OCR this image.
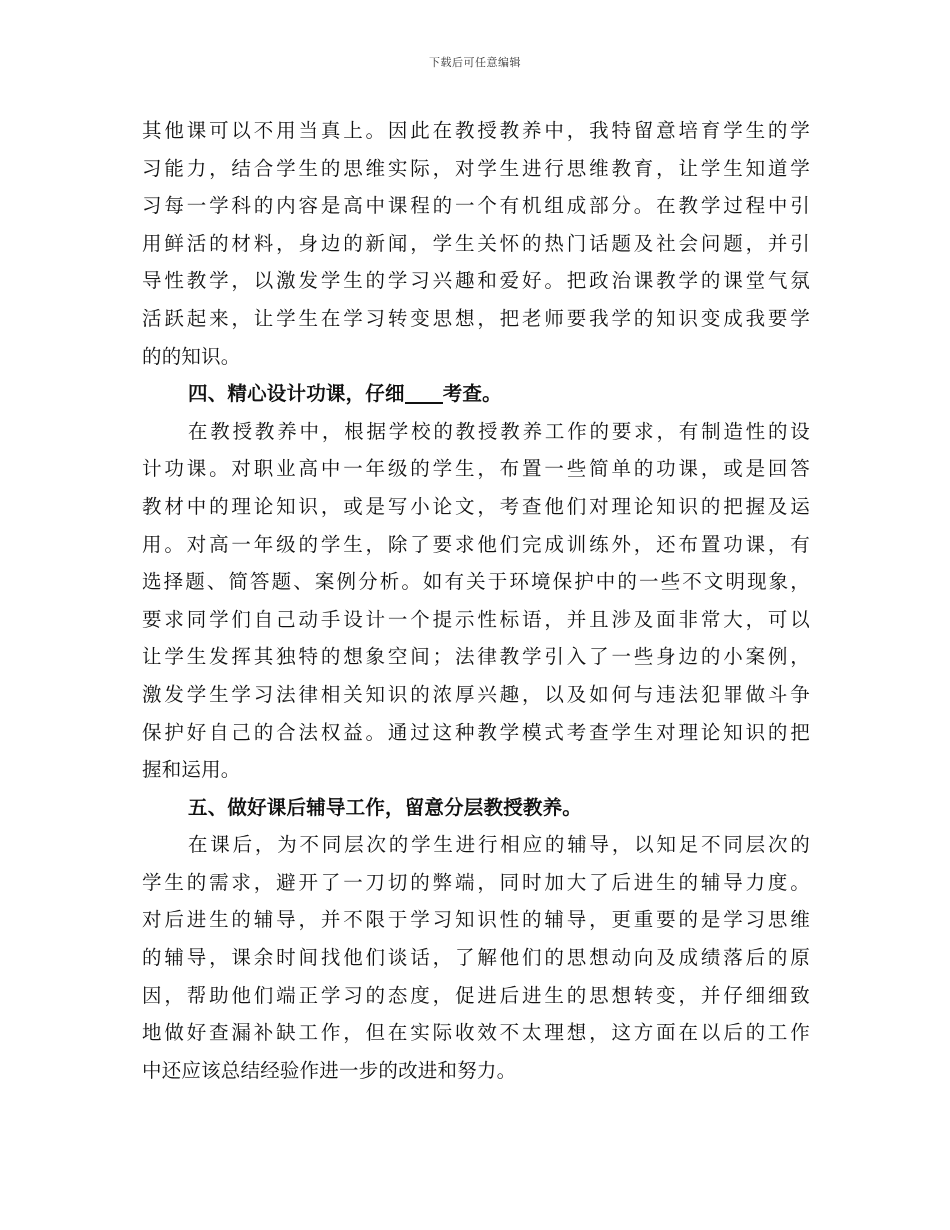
下载后可任意编辑
其他课可以不用当真上。因此在教授教养中，我特留意培育学生的学
习能力，结合学生的思维实际，对学生进行思维教育，让学生知道学
习每一学科的内容是高中课程的一个有机组成部分。在教学过程中引
用鲜活的材料，身边的新闻，学生关怀的热门话题及社会问题，并引
导性教学，以激发学生的学习兴趣和爱好。把政治课教学的课堂气氛
活跃起来，让学生在学习转变思想，把老师要我学的知识变成我要学
的的知识。
四、精心设计功课，仔细 考查。
在教授教养中，根据学校的教授教养工作的要求，有制造性的设
计功课。对职业高中一年级的学生，布置一些简单的功课，或是回答
教材中的理论知识，或是写小论文，考查他们对理论知识的把握及运
用。对高一年级的学生，除了要求他们完成训练外，还布置功课，有
选择题、简答题、案例分析。如有关于环境保护中的一些不文明现象，
要求同学们自己动手设计一个提示性标语，并且涉及面非常大，可以
让学生发挥其独特的想象空间；法律教学引入了一些身边的小案例，
激发学生学习法律相关知识的浓厚兴趣，以及如何与违法犯罪做斗争
保护好自己的合法权益。通过这种教学模式考查学生对理论知识的把
握和运用。
五、做好课后辅导工作，留意分层教授教养。
在课后，为不同层次的学生进行相应的辅导，以知足不同层次的
学生的需求，避开了一刀切的弊端，同时加大了后进生的辅导力度。
对后进生的辅导，并不限于学习知识性的辅导，更重要的是学习思维
的辅导，课余时间找他们谈话，了解他们的思想动向及成绩落后的原
因，帮助他们端正学习的态度，促进后进生的思想转变，并仔细细致
地做好查漏补缺工作，但在实际收效不太理想，这方面在以后的工作
中还应该总结经验作进一步的改进和努力。
